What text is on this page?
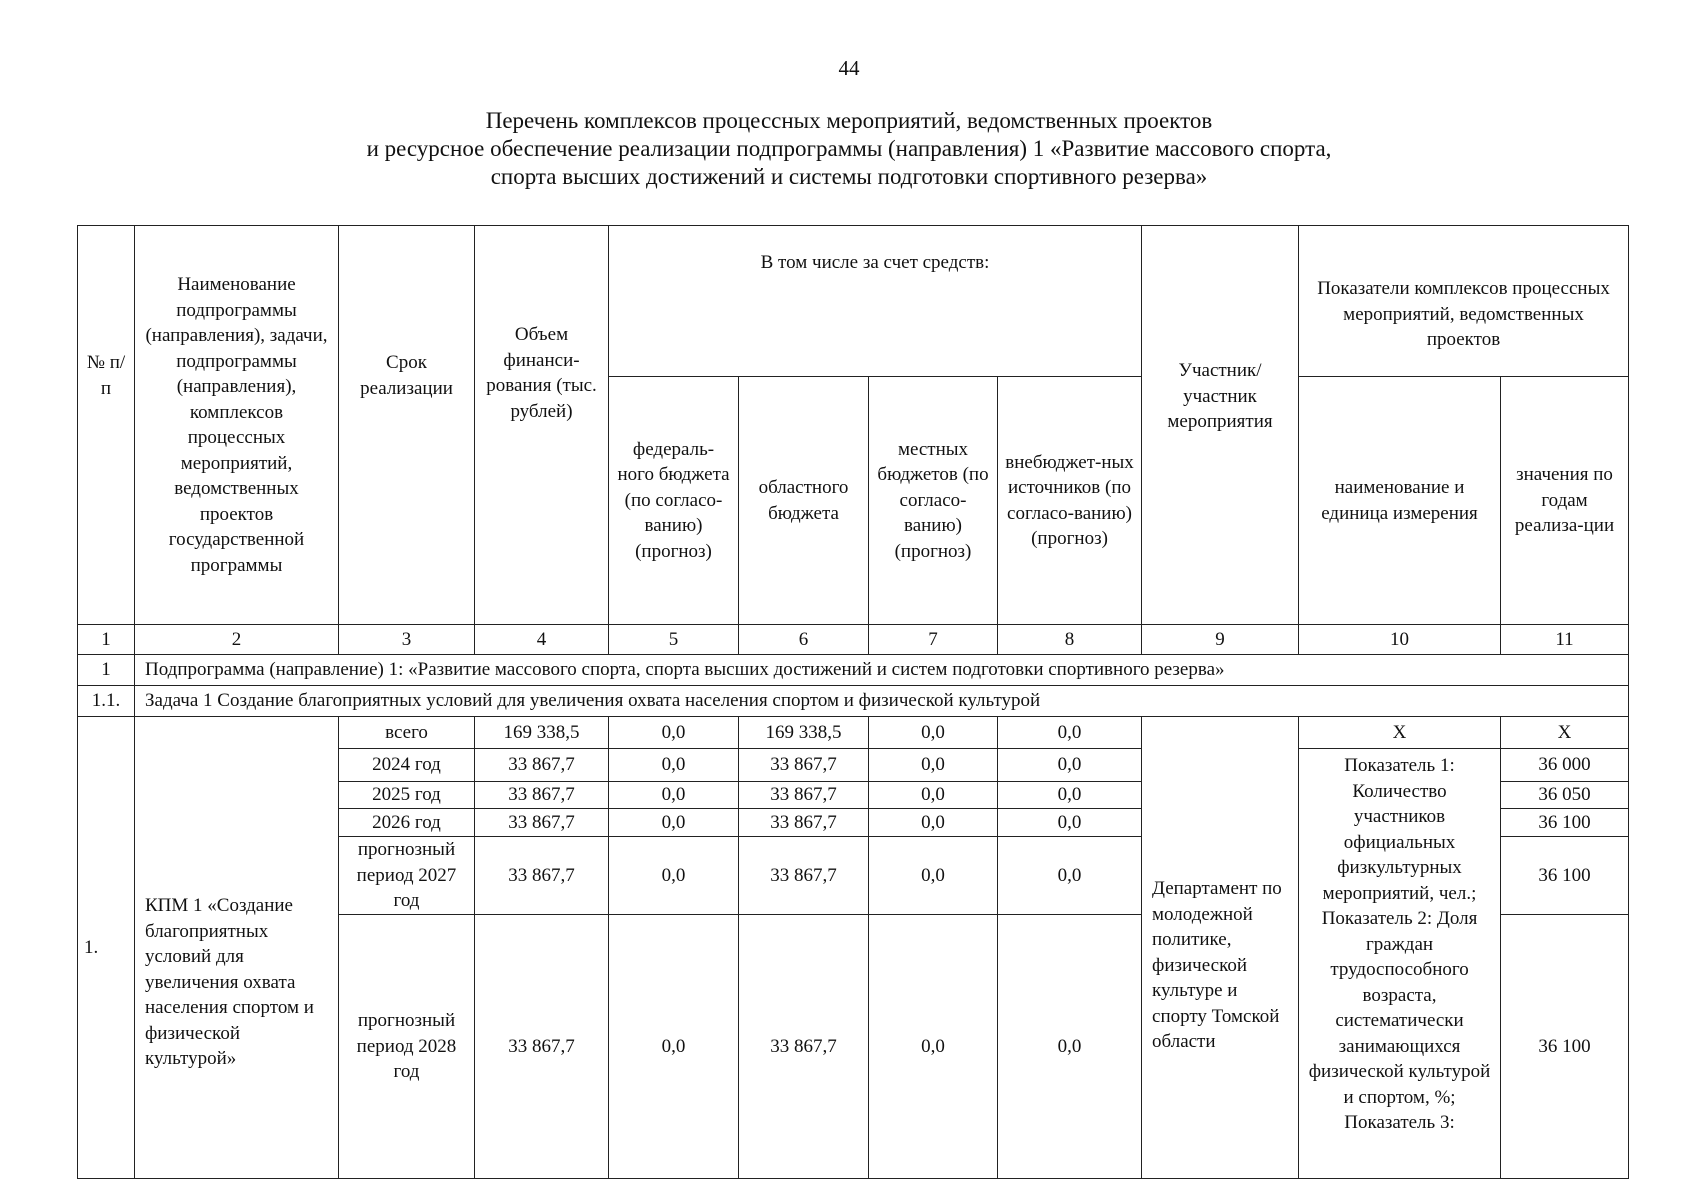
44
Перечень комплексов процессных мероприятий, ведомственных проектов
и ресурсное обеспечение реализации подпрограммы (направления) 1 «Развитие массового спорта,
спорта высших достижений и системы подготовки спортивного резерва»
№ п/п	Наименование подпрограммы (направления), задачи, подпрограммы (направления), комплексов процессных мероприятий, ведомственных проектов государственной программы	Срок реализации	Объем финанси-рования (тыс. рублей)	В том числе за счет средств:				Участник/ участник мероприятия	Показатели комплексов процессных мероприятий, ведомственных проектов	
				федераль-ного бюджета (по согласо-ванию) (прогноз)	областного бюджета	местных бюджетов (по согласо-ванию) (прогноз)	внебюджет-ных источников (по согласо-ванию) (прогноз)		наименование и единица измерения	значения по годам реализа-ции
1	2	3	4	5	6	7	8	9	10	11
1	Подпрограмма (направление) 1: «Развитие массового спорта, спорта высших достижений и систем подготовки спортивного резерва»									
1.1.	Задача 1 Создание благоприятных условий для увеличения охвата населения спортом и физической культурой									
1.	КПМ 1 «Создание благоприятных условий для увеличения охвата населения спортом и физической культурой»	всего	169 338,5	0,0	169 338,5	0,0	0,0	Департамент по молодежной политике, физической культуре и спорту Томской области	Х	Х
		2024 год	33 867,7	0,0	33 867,7	0,0	0,0		Показатель 1: Количество участников официальных физкультурных мероприятий, чел.; Показатель 2: Доля граждан трудоспособного возраста, систематически занимающихся физической культурой и спортом, %; Показатель 3:	36 000
		2025 год	33 867,7	0,0	33 867,7	0,0	0,0			36 050
		2026 год	33 867,7	0,0	33 867,7	0,0	0,0			36 100
		прогнозный период 2027 год	33 867,7	0,0	33 867,7	0,0	0,0			36 100
		прогнозный период 2028 год	33 867,7	0,0	33 867,7	0,0	0,0			36 100
